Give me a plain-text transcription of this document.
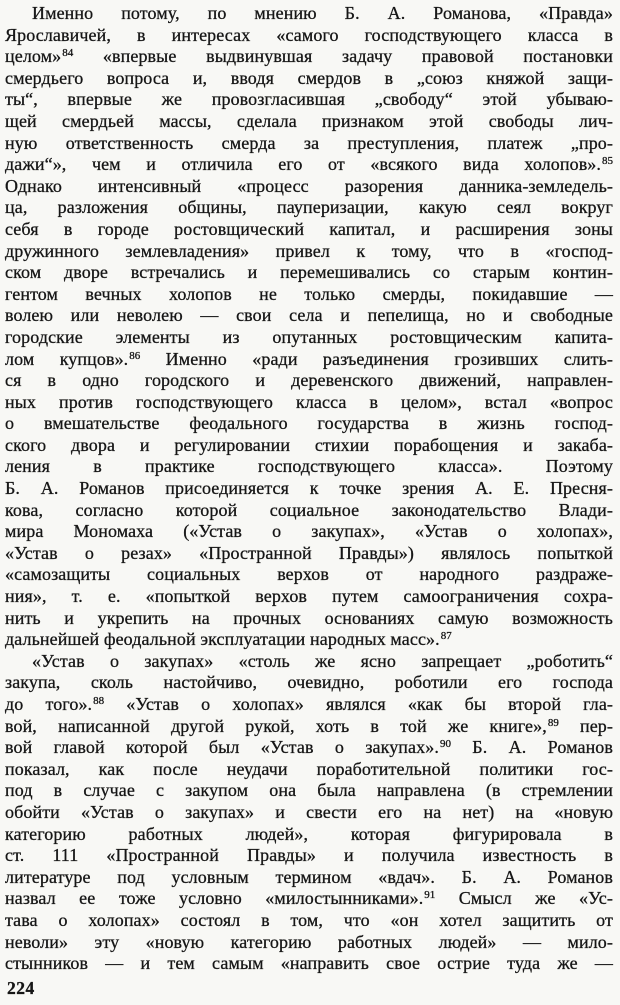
Именно потому, по мнению Б. А. Романова, «Правда»
Ярославичей, в интересах «самого господствующего класса в
целом»$^{84}$ «впервые выдвинувшая задачу правовой постановки
смердьего вопроса и, вводя смердов в „союз княжой защи-
ты“, впервые же провозгласившая „свободу“ этой убываю-
щей смердьей массы, сделала признаком этой свободы лич-
ную ответственность смерда за преступления, платеж „про-
дажи“», чем и отличила его от «всякого вида холопов».$^{85}$
Однако интенсивный «процесс разорения данника-земледель-
ца, разложения общины, пауперизации, какую сеял вокруг
себя в городе ростовщический капитал, и расширения зоны
дружинного землевладения» привел к тому, что в «господ-
ском дворе встречались и перемешивались со старым контин-
гентом вечных холопов не только смерды, покидавшие —
волею или неволею — свои села и пепелища, но и свободные
городские элементы из опутанных ростовщическим капита-
лом купцов».$^{86}$ Именно «ради разъединения грозивших слить-
ся в одно городского и деревенского движений, направлен-
ных против господствующего класса в целом», встал «вопрос
о вмешательстве феодального государства в жизнь господ-
ского двора и регулировании стихии порабощения и закаба-
ления в практике господствующего класса». Поэтому
Б. А. Романов присоединяется к точке зрения А. Е. Пресня-
кова, согласно которой социальное законодательство Влади-
мира Мономаха («Устав о закупах», «Устав о холопах»,
«Устав о резах» «Пространной Правды») являлось попыткой
«самозащиты социальных верхов от народного раздраже-
ния», т. е. «попыткой верхов путем самоограничения сохра-
нить и укрепить на прочных основаниях самую возможность
дальнейшей феодальной эксплуатации народных масс».$^{87}$
«Устав о закупах» «столь же ясно запрещает „роботить“
закупа, сколь настойчиво, очевидно, роботили его господа
до того».$^{88}$ «Устав о холопах» являлся «как бы второй гла-
вой, написанной другой рукой, хоть в той же книге»,$^{89}$ пер-
вой главой которой был «Устав о закупах».$^{90}$ Б. А. Романов
показал, как после неудачи поработительной политики гос-
под в случае с закупом она была направлена (в стремлении
обойти «Устав о закупах» и свести его на нет) на «новую
категорию работных людей», которая фигурировала в
ст. 111 «Пространной Правды» и получила известность в
литературе под условным термином «вдач». Б. А. Романов
назвал ее тоже условно «милостынниками».$^{91}$ Смысл же «Ус-
тава о холопах» состоял в том, что «он хотел защитить от
неволи» эту «новую категорию работных людей» — мило-
стынников — и тем самым «направить свое острие туда же —
224
